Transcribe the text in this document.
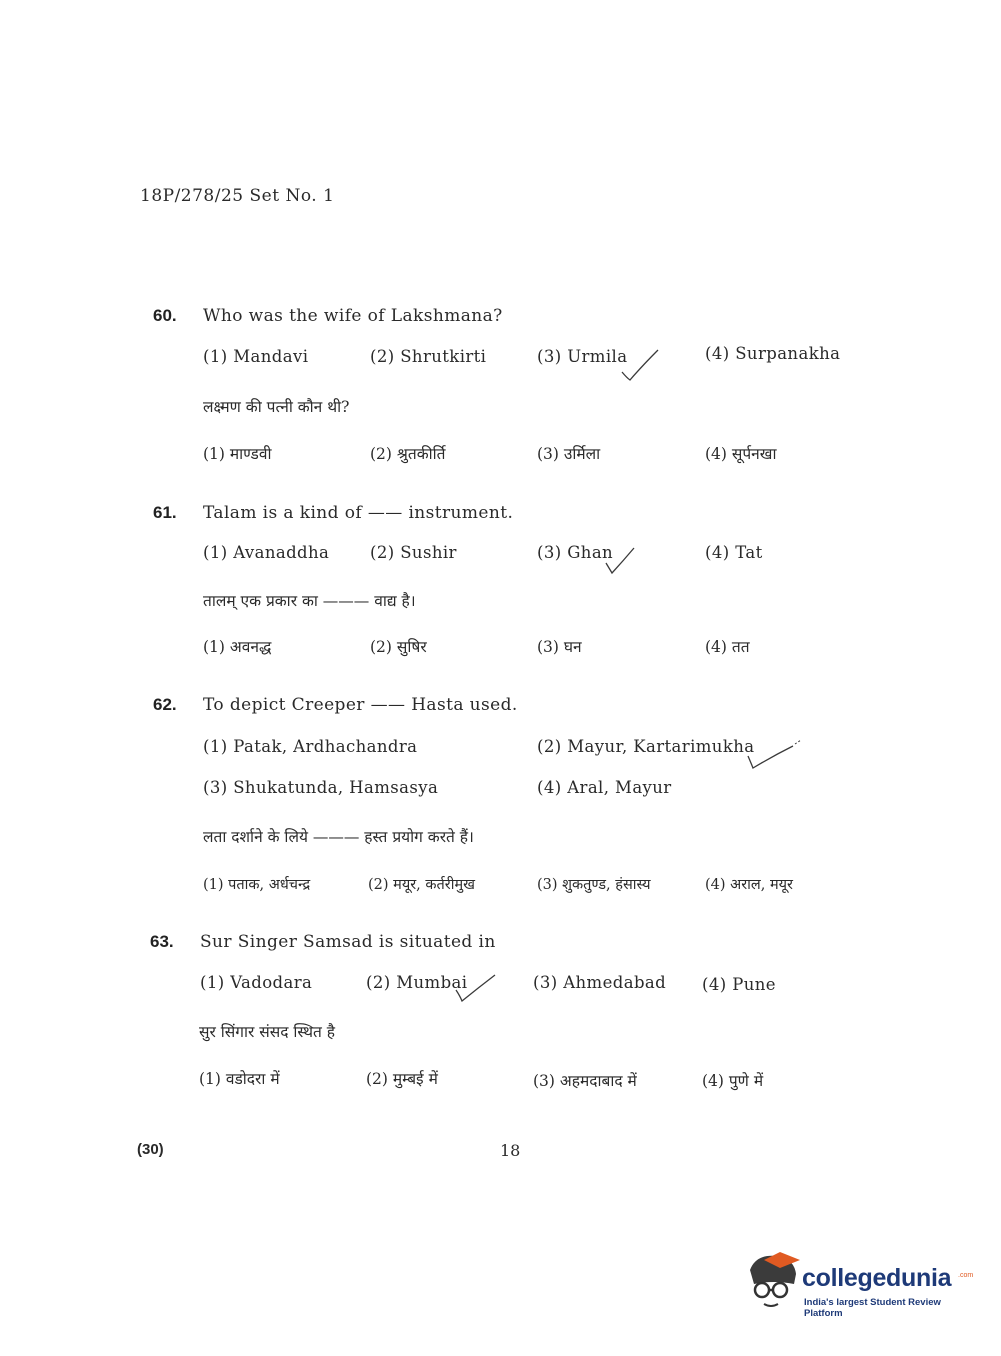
18P/278/25 Set No. 1
60. Who was the wife of Lakshmana?
(1) Mandavi	(2) Shrutkirti	(3) Urmila	(4) Surpanakha
लक्ष्मण की पत्नी कौन थी?
(1) माण्डवी	(2) श्रुतकीर्ति	(3) उर्मिला	(4) सूर्पनखा
61. Talam is a kind of —— instrument.
(1) Avanaddha (2) Sushir	(3) Ghan	(4) Tat
तालम् एक प्रकार का ——— वाद्य है।
(1) अवनद्ध	(2) सुषिर	(3) घन	(4) तत
62. To depict Creeper —— Hasta used.
(1) Patak, Ardhachandra	(2) Mayur, Kartarimukha
(3) Shukatunda, Hamsasya	(4) Aral, Mayur
लता दर्शाने के लिये ——— हस्त प्रयोग करते हैं।
(1) पताक, अर्धचन्द्र	(2) मयूर, कर्तरीमुख	(3) शुकतुण्ड, हंसास्य	(4) अराल, मयूर
63. Sur Singer Samsad is situated in
(1) Vadodara	(2) Mumbai	(3) Ahmedabad (4) Pune
सुर सिंगार संसद स्थित है
(1) वडोदरा में	(2) मुम्बई में	(3) अहमदाबाद में	(4) पुणे में
(30)	18
collegedunia .com
India's largest Student Review Platform
